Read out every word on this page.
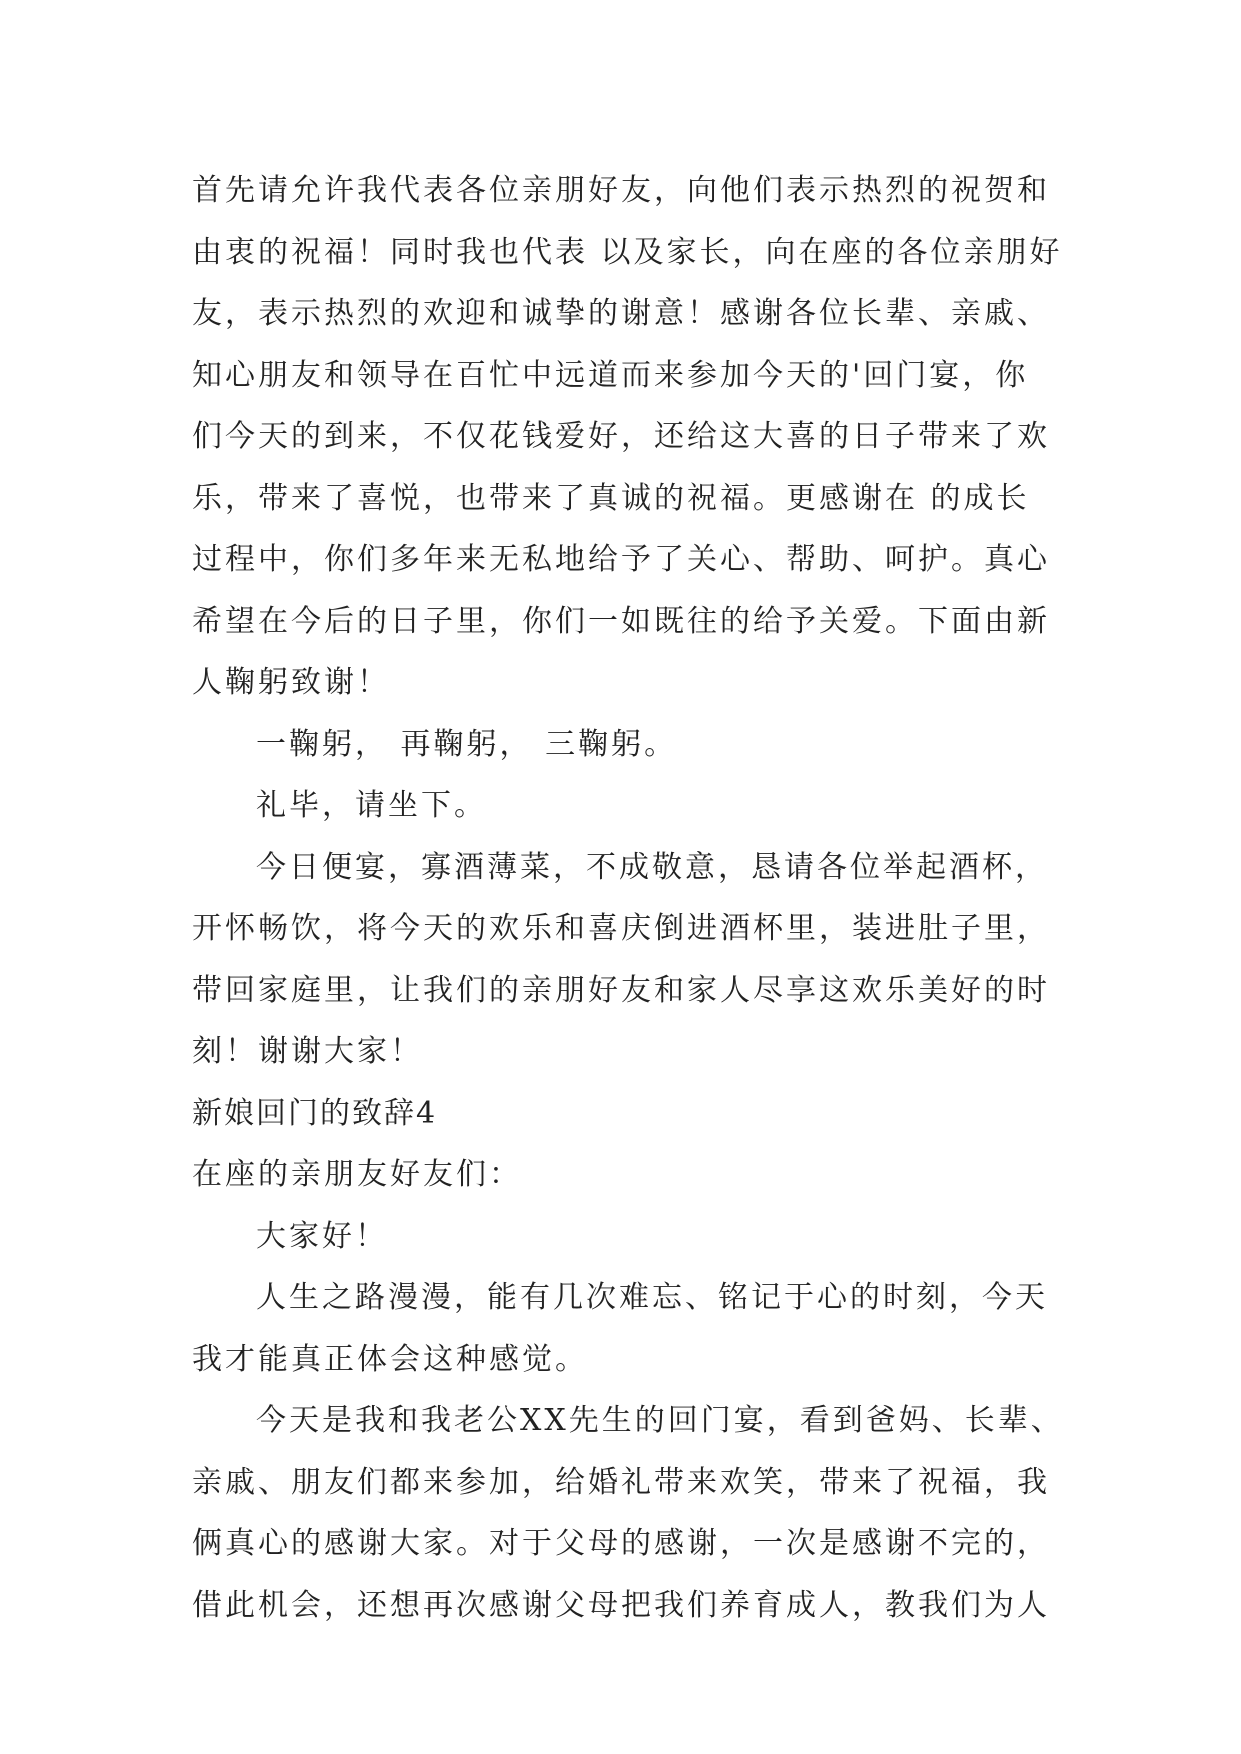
首先请允许我代表各位亲朋好友，向他们表示热烈的祝贺和
由衷的祝福！同时我也代表 以及家长，向在座的各位亲朋好
友，表示热烈的欢迎和诚挚的谢意！感谢各位长辈、亲戚、
知心朋友和领导在百忙中远道而来参加今天的'回门宴，你
们今天的到来，不仅花钱爱好，还给这大喜的日子带来了欢
乐，带来了喜悦，也带来了真诚的祝福。更感谢在 的成长
过程中，你们多年来无私地给予了关心、帮助、呵护。真心
希望在今后的日子里，你们一如既往的给予关爱。下面由新
人鞠躬致谢！
一鞠躬， 再鞠躬， 三鞠躬。
礼毕，请坐下。
今日便宴，寡酒薄菜，不成敬意，恳请各位举起酒杯，
开怀畅饮，将今天的欢乐和喜庆倒进酒杯里，装进肚子里，
带回家庭里，让我们的亲朋好友和家人尽享这欢乐美好的时
刻！谢谢大家！
新娘回门的致辞4
在座的亲朋友好友们：
大家好！
人生之路漫漫，能有几次难忘、铭记于心的时刻，今天
我才能真正体会这种感觉。
今天是我和我老公XX先生的回门宴，看到爸妈、长辈、
亲戚、朋友们都来参加，给婚礼带来欢笑，带来了祝福，我
俩真心的感谢大家。对于父母的感谢，一次是感谢不完的，
借此机会，还想再次感谢父母把我们养育成人，教我们为人
